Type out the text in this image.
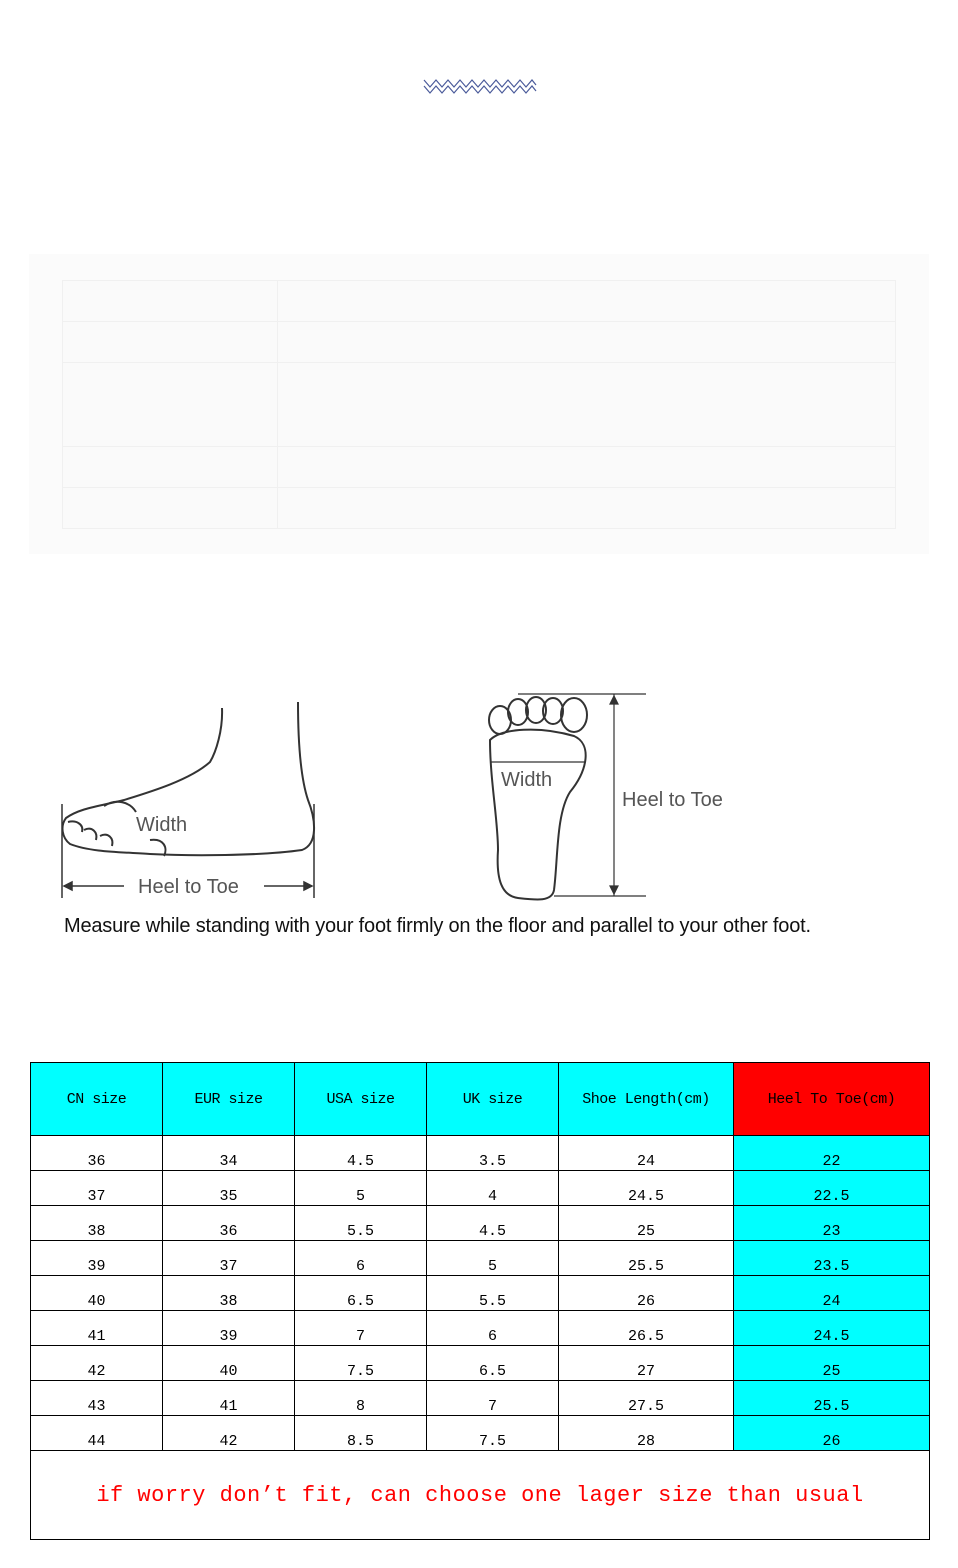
Width
Heel to Toe
Width
Heel to Toe
Measure while standing with your foot firmly on the floor and parallel to your other foot.
CN size	EUR size	USA size	UK size	Shoe Length(cm)	Heel To Toe(cm)
36	34	4.5	3.5	24	22
37	35	5	4	24.5	22.5
38	36	5.5	4.5	25	23
39	37	6	5	25.5	23.5
40	38	6.5	5.5	26	24
41	39	7	6	26.5	24.5
42	40	7.5	6.5	27	25
43	41	8	7	27.5	25.5
44	42	8.5	7.5	28	26
if worry don’t fit, can choose one lager size than usual					
